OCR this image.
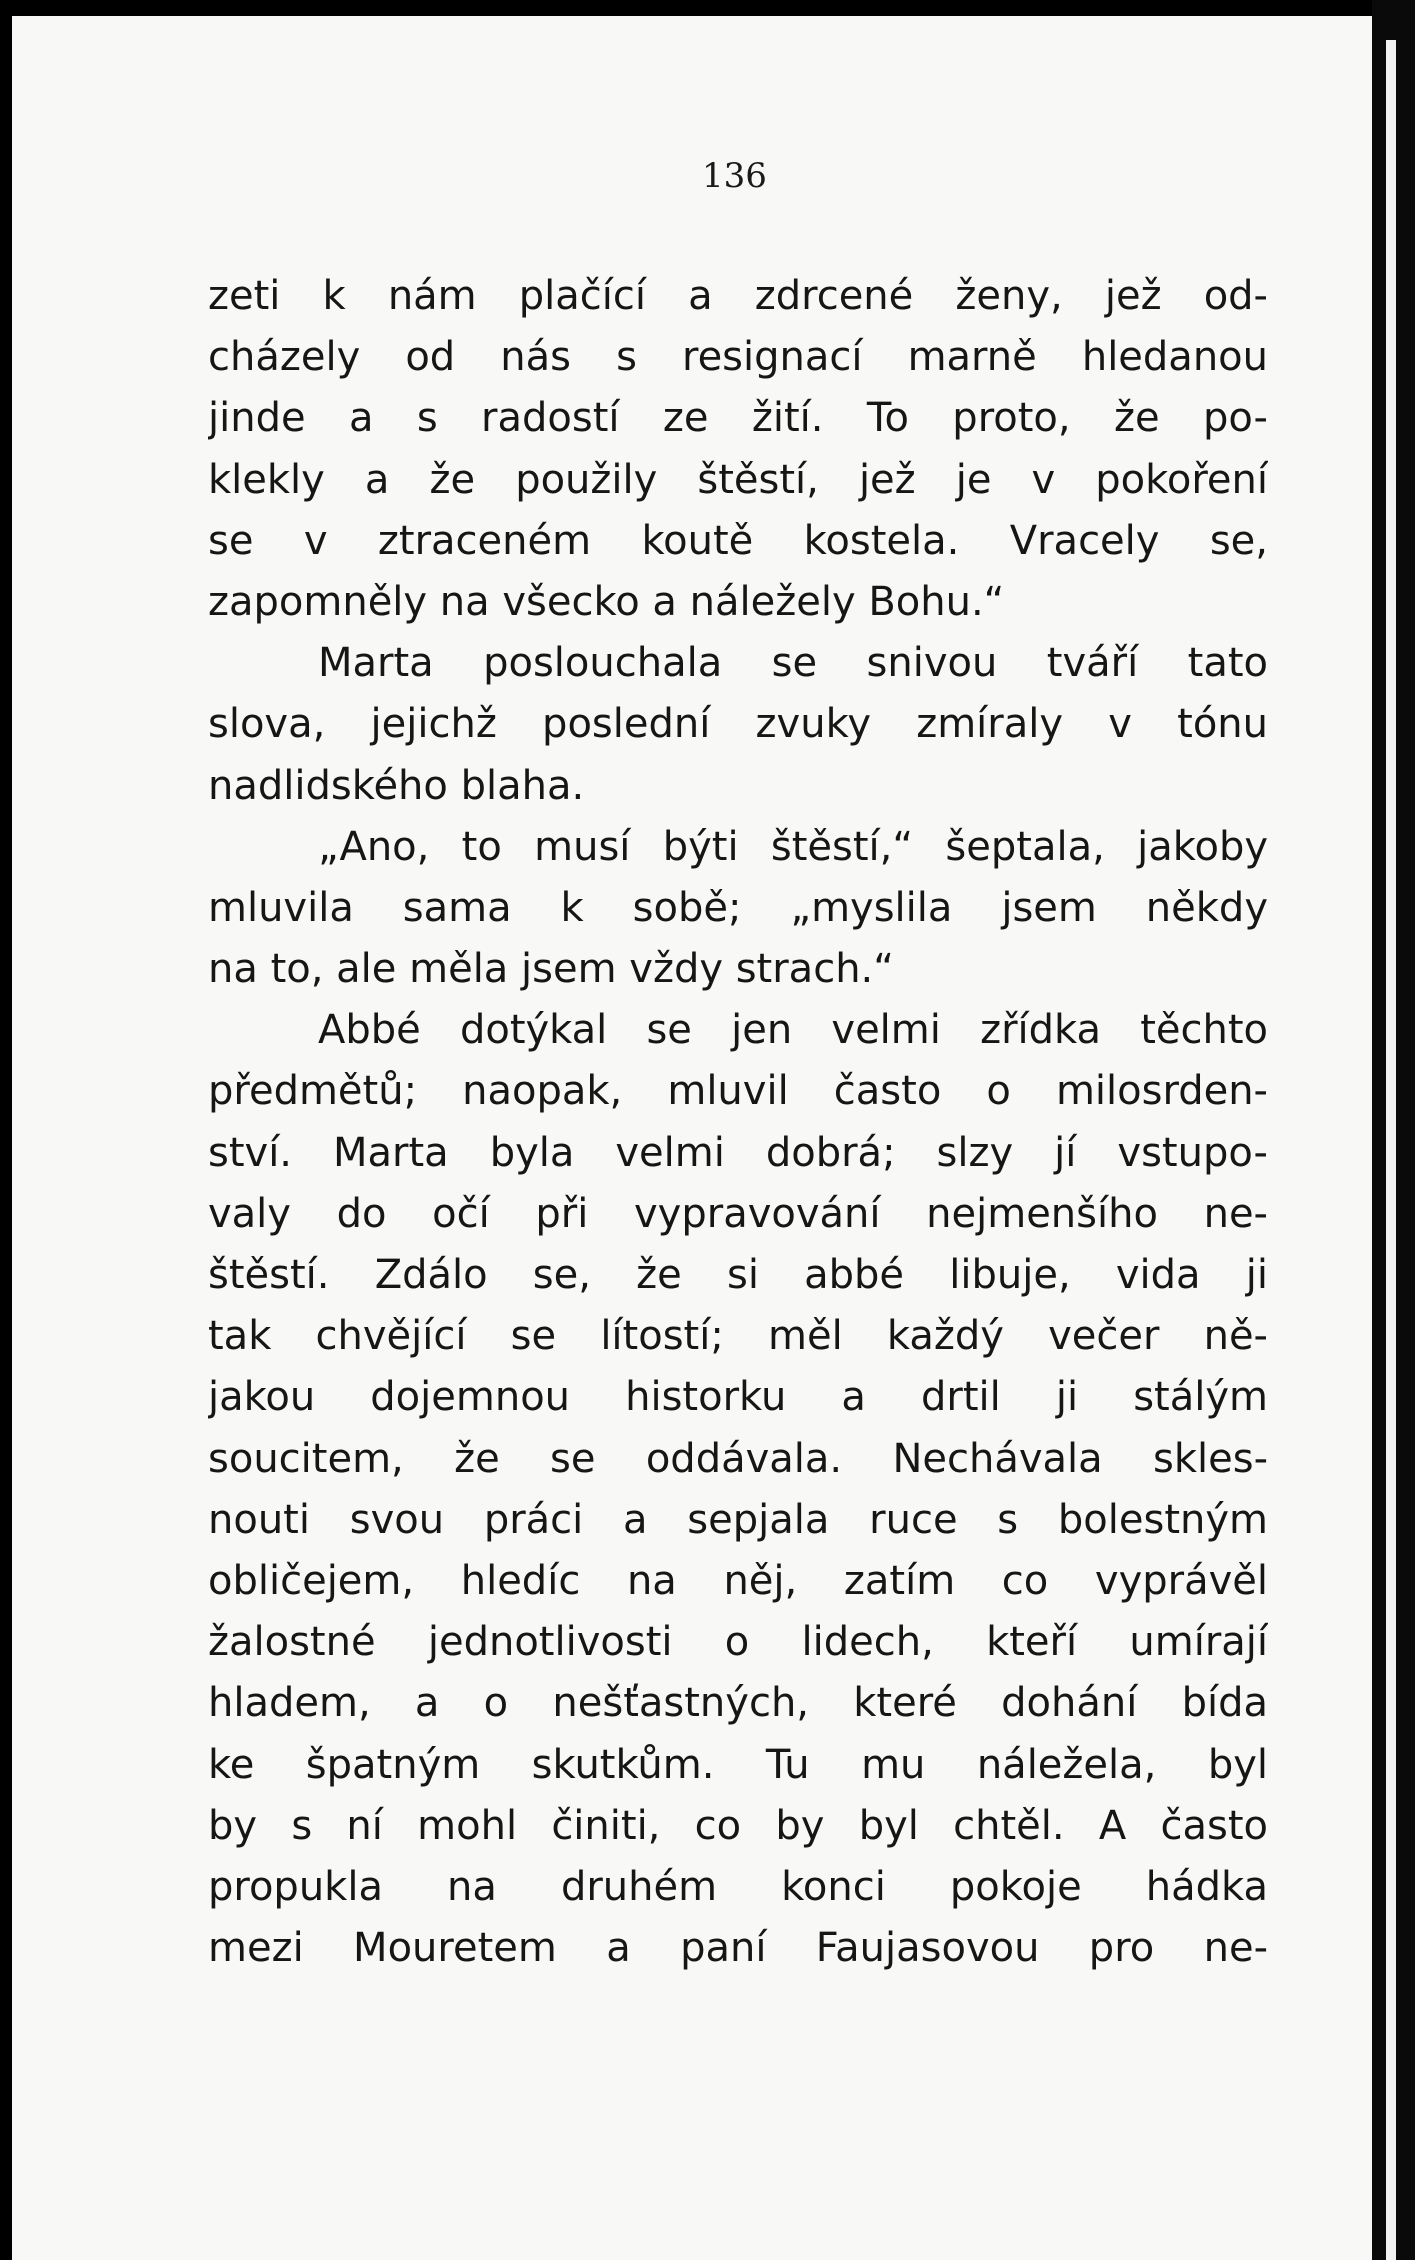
136
zeti k nám plačící a zdrcené ženy, jež od-
cházely od nás s resignací marně hledanou
jinde a s radostí ze žití. To proto, že po-
klekly a že použily štěstí, jež je v pokoření
se v ztraceném koutě kostela. Vracely se,
zapomněly na všecko a náležely Bohu.“
Marta poslouchala se snivou tváří tato
slova, jejichž poslední zvuky zmíraly v tónu
nadlidského blaha.
„Ano, to musí býti štěstí,“ šeptala, jakoby
mluvila sama k sobě; „myslila jsem někdy
na to, ale měla jsem vždy strach.“
Abbé dotýkal se jen velmi zřídka těchto
předmětů; naopak, mluvil často o milosrden-
ství. Marta byla velmi dobrá; slzy jí vstupo-
valy do očí při vypravování nejmenšího ne-
štěstí. Zdálo se, že si abbé libuje, vida ji
tak chvějící se lítostí; měl každý večer ně-
jakou dojemnou historku a drtil ji stálým
soucitem, že se oddávala. Nechávala skles-
nouti svou práci a sepjala ruce s bolestným
obličejem, hledíc na něj, zatím co vyprávěl
žalostné jednotlivosti o lidech, kteří umírají
hladem, a o nešťastných, které dohání bída
ke špatným skutkům. Tu mu náležela, byl
by s ní mohl činiti, co by byl chtěl. A často
propukla na druhém konci pokoje hádka
mezi Mouretem a paní Faujasovou pro ne-
